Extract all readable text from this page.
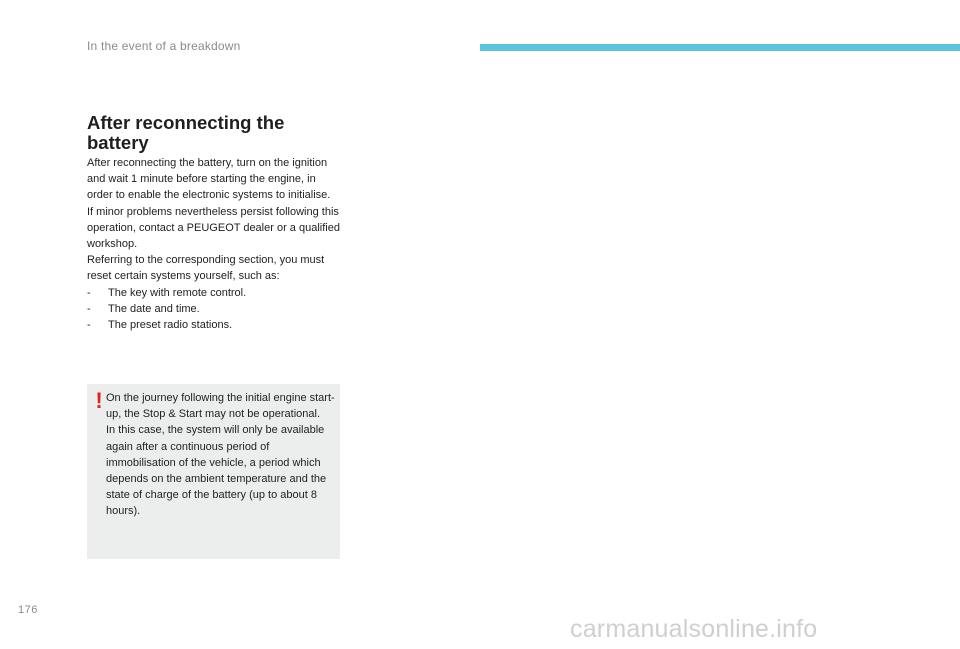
In the event of a breakdown
After reconnecting the battery

After reconnecting the battery, turn on the ignition and wait 1 minute before starting the engine, in order to enable the electronic systems to initialise.

If minor problems nevertheless persist following this operation, contact a PEUGEOT dealer or a qualified workshop.

Referring to the corresponding section, you must reset certain systems yourself, such as:

- The key with remote control.
- The date and time.
- The preset radio stations.
! On the journey following the initial engine start-up, the Stop & Start may not be operational.

In this case, the system will only be available again after a continuous period of immobilisation of the vehicle, a period which depends on the ambient temperature and the state of charge of the battery (up to about 8 hours).

176
carmanualsonline.info
